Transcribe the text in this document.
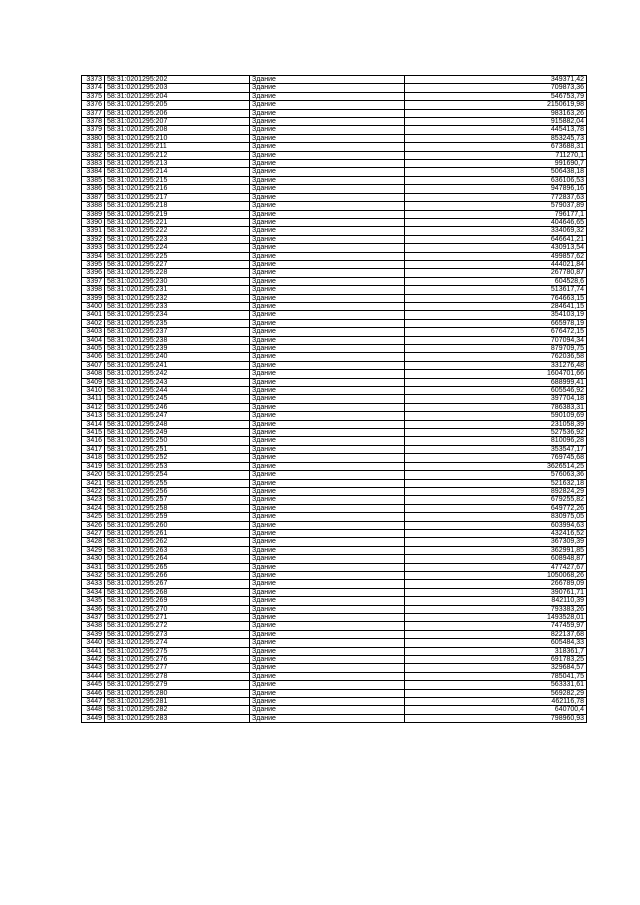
3373	58:31:0201295:202	Здание	349371,42
3374	58:31:0201295:203	Здание	709873,36
3375	58:31:0201295:204	Здание	546753,79
3376	58:31:0201295:205	Здание	2150619,98
3377	58:31:0201295:206	Здание	983163,26
3378	58:31:0201295:207	Здание	915882,04
3379	58:31:0201295:208	Здание	445413,78
3380	58:31:0201295:210	Здание	853245,73
3381	58:31:0201295:211	Здание	673688,31
3382	58:31:0201295:212	Здание	711270,1
3383	58:31:0201295:213	Здание	991690,7
3384	58:31:0201295:214	Здание	506438,18
3385	58:31:0201295:215	Здание	636106,53
3386	58:31:0201295:216	Здание	947896,16
3387	58:31:0201295:217	Здание	772837,63
3388	58:31:0201295:218	Здание	579037,89
3389	58:31:0201295:219	Здание	796177,1
3390	58:31:0201295:221	Здание	404646,65
3391	58:31:0201295:222	Здание	334069,32
3392	58:31:0201295:223	Здание	646641,21
3393	58:31:0201295:224	Здание	430913,54
3394	58:31:0201295:225	Здание	499857,62
3395	58:31:0201295:227	Здание	444021,84
3396	58:31:0201295:228	Здание	267780,87
3397	58:31:0201295:230	Здание	604528,6
3398	58:31:0201295:231	Здание	513617,74
3399	58:31:0201295:232	Здание	764663,15
3400	58:31:0201295:233	Здание	284641,15
3401	58:31:0201295:234	Здание	354103,19
3402	58:31:0201295:235	Здание	665978,19
3403	58:31:0201295:237	Здание	676472,15
3404	58:31:0201295:238	Здание	707094,34
3405	58:31:0201295:239	Здание	879709,75
3406	58:31:0201295:240	Здание	762036,58
3407	58:31:0201295:241	Здание	331276,48
3408	58:31:0201295:242	Здание	1604701,66
3409	58:31:0201295:243	Здание	688999,41
3410	58:31:0201295:244	Здание	605546,92
3411	58:31:0201295:245	Здание	397704,18
3412	58:31:0201295:246	Здание	786383,31
3413	58:31:0201295:247	Здание	590109,69
3414	58:31:0201295:248	Здание	231058,39
3415	58:31:0201295:249	Здание	527536,92
3416	58:31:0201295:250	Здание	810096,28
3417	58:31:0201295:251	Здание	353547,17
3418	58:31:0201295:252	Здание	769745,68
3419	58:31:0201295:253	Здание	3626514,25
3420	58:31:0201295:254	Здание	576063,36
3421	58:31:0201295:255	Здание	521632,18
3422	58:31:0201295:256	Здание	892824,29
3423	58:31:0201295:257	Здание	679255,82
3424	58:31:0201295:258	Здание	649772,26
3425	58:31:0201295:259	Здание	830975,05
3426	58:31:0201295:260	Здание	603994,63
3427	58:31:0201295:261	Здание	432416,52
3428	58:31:0201295:262	Здание	367309,39
3429	58:31:0201295:263	Здание	362991,85
3430	58:31:0201295:264	Здание	608948,87
3431	58:31:0201295:265	Здание	477427,67
3432	58:31:0201295:266	Здание	1050068,26
3433	58:31:0201295:267	Здание	266789,09
3434	58:31:0201295:268	Здание	390761,71
3435	58:31:0201295:269	Здание	842110,39
3436	58:31:0201295:270	Здание	793383,26
3437	58:31:0201295:271	Здание	1493528,01
3438	58:31:0201295:272	Здание	747459,97
3439	58:31:0201295:273	Здание	822137,68
3440	58:31:0201295:274	Здание	605484,33
3441	58:31:0201295:275	Здание	318361,7
3442	58:31:0201295:276	Здание	691783,25
3443	58:31:0201295:277	Здание	329684,57
3444	58:31:0201295:278	Здание	785041,75
3445	58:31:0201295:279	Здание	563331,61
3446	58:31:0201295:280	Здание	569282,29
3447	58:31:0201295:281	Здание	462116,78
3448	58:31:0201295:282	Здание	640700,4
3449	58:31:0201295:283	Здание	798960,93
